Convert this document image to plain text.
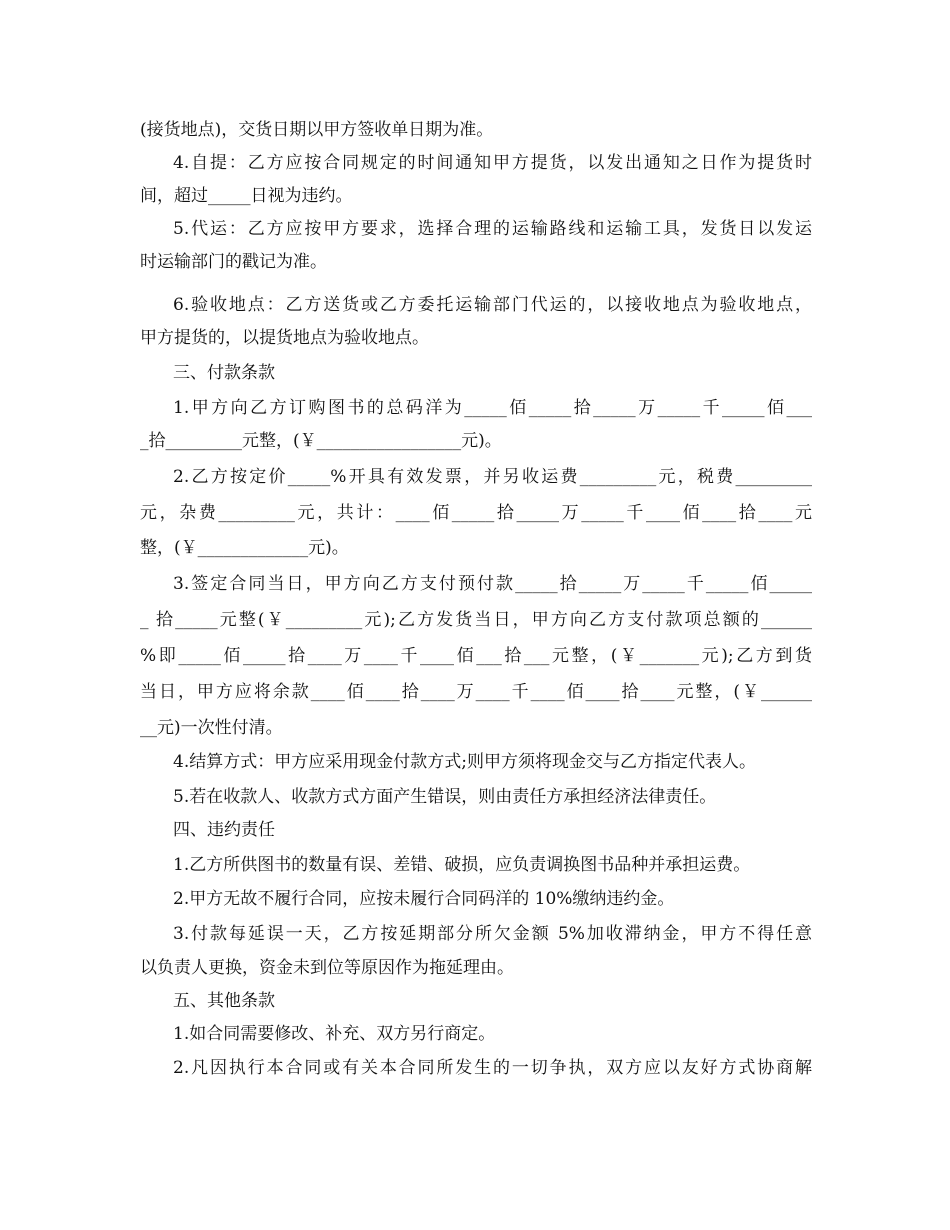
(接货地点)，交货日期以甲方签收单日期为准。
4.自提：乙方应按合同规定的时间通知甲方提货，以发出通知之日作为提货时
间，超过_____日视为违约。
5.代运：乙方应按甲方要求，选择合理的运输路线和运输工具，发货日以发运
时运输部门的戳记为准。
6.验收地点：乙方送货或乙方委托运输部门代运的，以接收地点为验收地点，
甲方提货的，以提货地点为验收地点。
三、付款条款
1.甲方向乙方订购图书的总码洋为_____佰_____拾_____万_____千_____佰___
_拾_________元整，(￥_________________元)。
2.乙方按定价_____%开具有效发票，并另收运费_________元，税费_________
元，杂费_________元，共计：____佰_____拾_____万_____千____佰____拾____元
整，(￥_____________元)。
3.签定合同当日，甲方向乙方支付预付款_____拾_____万_____千_____佰_____
_ 拾_____元整(￥_________元);乙方发货当日，甲方向乙方支付款项总额的______
%即_____佰_____拾____万____千____佰___拾___元整，(￥_______元);乙方到货
当日，甲方应将余款____佰____拾____万____千____佰____拾____元整，(￥______
__元)一次性付清。
4.结算方式：甲方应采用现金付款方式;则甲方须将现金交与乙方指定代表人。
5.若在收款人、收款方式方面产生错误，则由责任方承担经济法律责任。
四、违约责任
1.乙方所供图书的数量有误、差错、破损，应负责调换图书品种并承担运费。
2.甲方无故不履行合同，应按未履行合同码洋的 10%缴纳违约金。
3.付款每延误一天，乙方按延期部分所欠金额 5%加收滞纳金，甲方不得任意
以负责人更换，资金未到位等原因作为拖延理由。
五、其他条款
1.如合同需要修改、补充、双方另行商定。
2.凡因执行本合同或有关本合同所发生的一切争执，双方应以友好方式协商解
